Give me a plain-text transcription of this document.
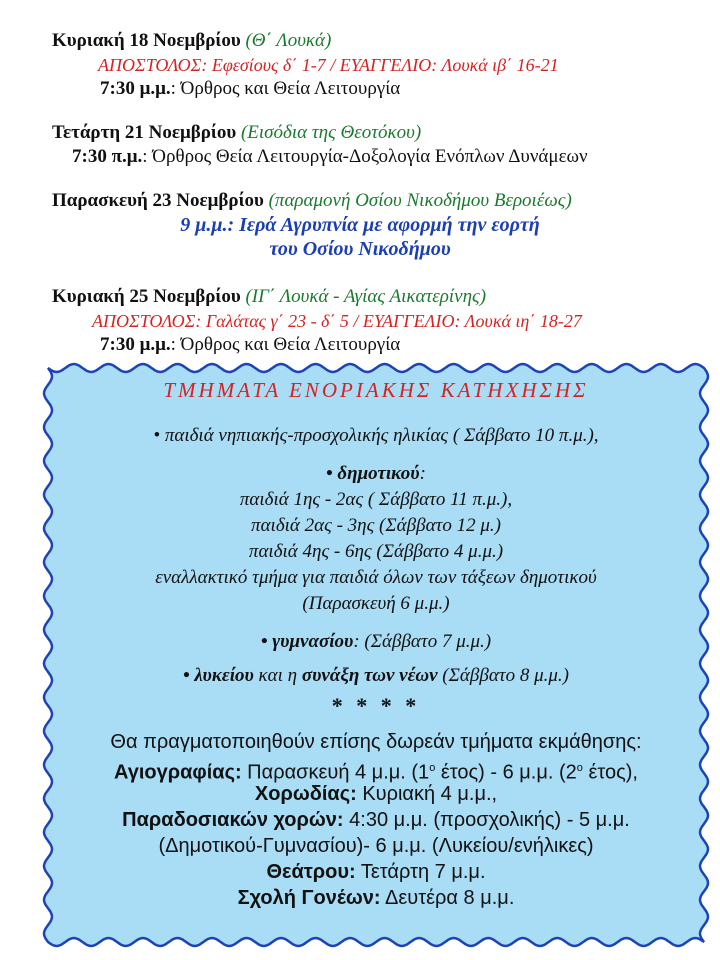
Κυριακή 18 Νοεμβρίου (Θ΄ Λουκά)
ΑΠΟΣΤΟΛΟΣ: Εφεσίους δ΄ 1-7 / ΕΥΑΓΓΕΛΙΟ: Λουκά ιβ΄ 16-21
7:30 μ.μ.: Όρθρος και Θεία Λειτουργία
Τετάρτη 21 Νοεμβρίου (Εισόδια της Θεοτόκου)
7:30 π.μ.: Όρθρος Θεία Λειτουργία-Δοξολογία Ενόπλων Δυνάμεων
Παρασκευή 23 Νοεμβρίου (παραμονή Οσίου Νικοδήμου Βεροιέως)
9 μ.μ.: Ιερά Αγρυπνία με αφορμή την εορτή
του Οσίου Νικοδήμου
Κυριακή 25 Νοεμβρίου (ΙΓ΄ Λουκά - Αγίας Αικατερίνης)
ΑΠΟΣΤΟΛΟΣ: Γαλάτας γ΄ 23 - δ΄ 5 / ΕΥΑΓΓΕΛΙΟ: Λουκά ιη΄ 18-27
7:30 μ.μ.: Όρθρος και Θεία Λειτουργία
ΤΜΗΜΑΤΑ ΕΝΟΡΙΑΚΗΣ ΚΑΤΗΧΗΣΗΣ
• παιδιά νηπιακής-προσχολικής ηλικίας ( Σάββατο 10 π.μ.),
• δημοτικού:
παιδιά 1ης - 2ας ( Σάββατο 11 π.μ.),
παιδιά 2ας - 3ης (Σάββατο 12 μ.)
παιδιά 4ης - 6ης (Σάββατο 4 μ.μ.)
εναλλακτικό τμήμα για παιδιά όλων των τάξεων δημοτικού
(Παρασκευή 6 μ.μ.)
• γυμνασίου: (Σάββατο 7 μ.μ.)
• λυκείου και η συνάξη των νέων (Σάββατο 8 μ.μ.)
* * * *
Θα πραγματοποιηθούν επίσης δωρεάν τμήματα εκμάθησης:
Αγιογραφίας: Παρασκευή 4 μ.μ. ($1^o$ έτος) - 6 μ.μ. ($2^o$ έτος),
Χορωδίας: Κυριακή 4 μ.μ.,
Παραδοσιακών χορών: 4:30 μ.μ. (προσχολικής) - 5 μ.μ.
(Δημοτικού-Γυμνασίου)- 6 μ.μ. (Λυκείου/ενήλικες)
Θεάτρου: Τετάρτη 7 μ.μ.
Σχολή Γονέων: Δευτέρα 8 μ.μ.
